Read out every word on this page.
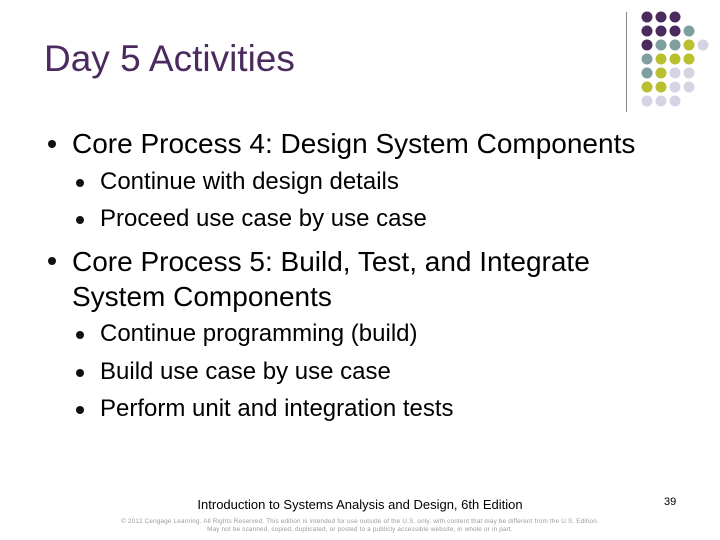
Day 5 Activities
Core Process 4: Design System Components
Continue with design details
Proceed use case by use case
Core Process 5: Build, Test, and Integrate
System Components
Continue programming (build)
Build use case by use case
Perform unit and integration tests
Introduction to Systems Analysis and Design, 6th Edition	39
© 2012 Cengage Learning. All Rights Reserved. This edition is intended for use outside of the U.S. only, with content that may be different from the U.S. Edition.
May not be scanned, copied, duplicated, or posted to a publicly accessible website, in whole or in part.
